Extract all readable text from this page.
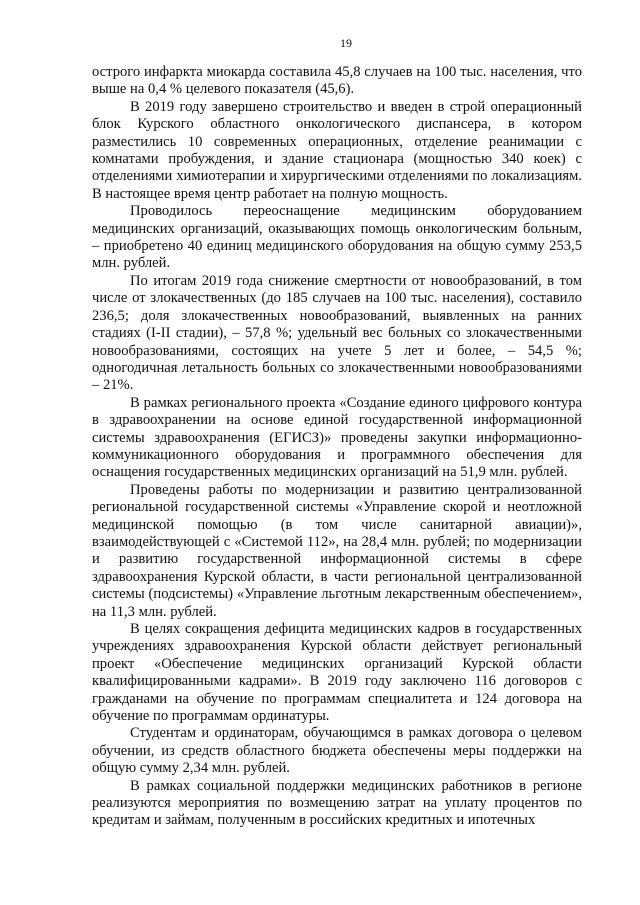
19

острого инфаркта миокарда составила 45,8 случаев на 100 тыс. населения, что выше на 0,4 % целевого показателя (45,6).

В 2019 году завершено строительство и введен в строй операционный блок Курского областного онкологического диспансера, в котором разместились 10 современных операционных, отделение реанимации с комнатами пробуждения, и здание стационара (мощностью 340 коек) с отделениями химиотерапии и хирургическими отделениями по локализациям. В настоящее время центр работает на полную мощность.

Проводилось переоснащение медицинским оборудованием медицинских организаций, оказывающих помощь онкологическим больным, – приобретено 40 единиц медицинского оборудования на общую сумму 253,5 млн. рублей.

По итогам 2019 года снижение смертности от новообразований, в том числе от злокачественных (до 185 случаев на 100 тыс. населения), составило 236,5; доля злокачественных новообразований, выявленных на ранних стадиях (I-II стадии), – 57,8 %; удельный вес больных со злокачественными новообразованиями, состоящих на учете 5 лет и более, – 54,5 %; одногодичная летальность больных со злокачественными новообразованиями – 21%.

В рамках регионального проекта «Создание единого цифрового контура в здравоохранении на основе единой государственной информационной системы здравоохранения (ЕГИСЗ)» проведены закупки информационно-коммуникационного оборудования и программного обеспечения для оснащения государственных медицинских организаций на 51,9 млн. рублей.

Проведены работы по модернизации и развитию централизованной региональной государственной системы «Управление скорой и неотложной медицинской помощью (в том числе санитарной авиации)», взаимодействующей с «Системой 112», на 28,4 млн. рублей; по модернизации и развитию государственной информационной системы в сфере здравоохранения Курской области, в части региональной централизованной системы (подсистемы) «Управление льготным лекарственным обеспечением», на 11,3 млн. рублей.

В целях сокращения дефицита медицинских кадров в государственных учреждениях здравоохранения Курской области действует региональный проект «Обеспечение медицинских организаций Курской области квалифицированными кадрами». В 2019 году заключено 116 договоров с гражданами на обучение по программам специалитета и 124 договора на обучение по программам ординатуры.

Студентам и ординаторам, обучающимся в рамках договора о целевом обучении, из средств областного бюджета обеспечены меры поддержки на общую сумму 2,34 млн. рублей.

В рамках социальной поддержки медицинских работников в регионе реализуются мероприятия по возмещению затрат на уплату процентов по кредитам и займам, полученным в российских кредитных и ипотечных
